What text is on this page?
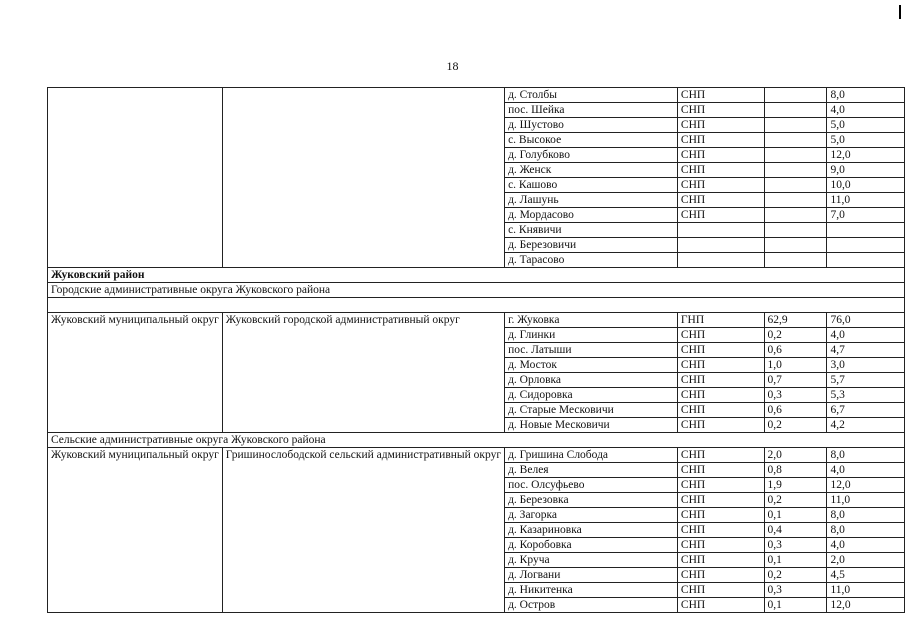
18
		д. Столбы	СНП		8,0
		пос. Шейка	СНП		4,0
		д. Шустово	СНП		5,0
		с. Высокое	СНП		5,0
		д. Голубково	СНП		12,0
		д. Женск	СНП		9,0
		с. Кашово	СНП		10,0
		д. Лашунь	СНП		11,0
		д. Мордасово	СНП		7,0
		с. Княвичи			
		д. Березовичи			
		д. Тарасово			
Жуковский район					
Городские административные округа Жуковского района					

Жуковский муниципальный округ	Жуковский городской административный округ	г. Жуковка	ГНП	62,9	76,0
		д. Глинки	СНП	0,2	4,0
		пос. Латыши	СНП	0,6	4,7
		д. Мосток	СНП	1,0	3,0
		д. Орловка	СНП	0,7	5,7
		д. Сидоровка	СНП	0,3	5,3
		д. Старые Месковичи	СНП	0,6	6,7
		д. Новые Месковичи	СНП	0,2	4,2
Сельские административные округа Жуковского района					
Жуковский муниципальный округ	Гришинослободской сельский административный округ	д. Гришина Слобода	СНП	2,0	8,0
		д. Велея	СНП	0,8	4,0
		пос. Олсуфьево	СНП	1,9	12,0
		д. Березовка	СНП	0,2	11,0
		д. Загорка	СНП	0,1	8,0
		д. Казариновка	СНП	0,4	8,0
		д. Коробовка	СНП	0,3	4,0
		д. Круча	СНП	0,1	2,0
		д. Логвани	СНП	0,2	4,5
		д. Никитенка	СНП	0,3	11,0
		д. Остров	СНП	0,1	12,0
